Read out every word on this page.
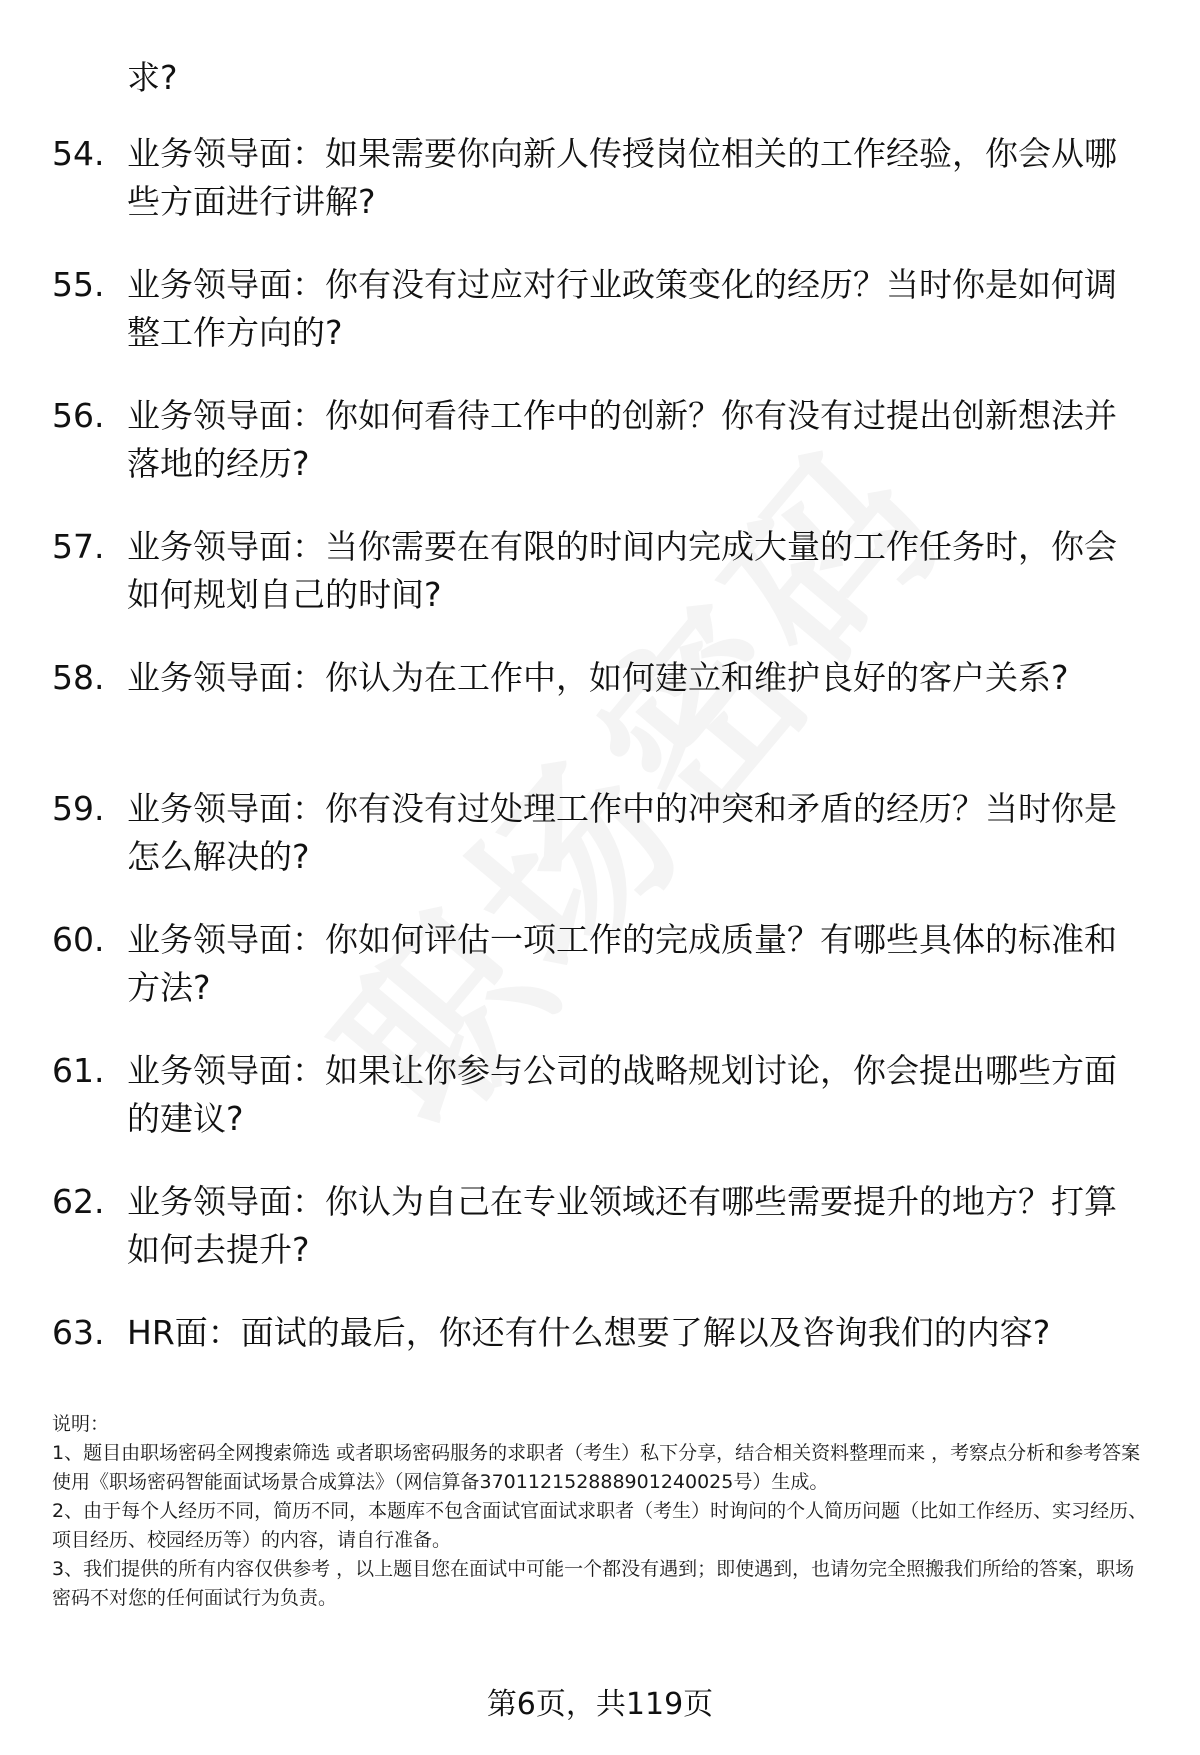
求?
54. 业务领导面：如果需要你向新人传授岗位相关的工作经验，你会从哪些方面进行讲解?
55. 业务领导面：你有没有过应对行业政策变化的经历？当时你是如何调整工作方向的?
56. 业务领导面：你如何看待工作中的创新？你有没有过提出创新想法并落地的经历?
57. 业务领导面：当你需要在有限的时间内完成大量的工作任务时，你会如何规划自己的时间?
58. 业务领导面：你认为在工作中，如何建立和维护良好的客户关系?
59. 业务领导面：你有没有过处理工作中的冲突和矛盾的经历？当时你是怎么解决的?
60. 业务领导面：你如何评估一项工作的完成质量？有哪些具体的标准和方法?
61. 业务领导面：如果让你参与公司的战略规划讨论，你会提出哪些方面的建议?
62. 业务领导面：你认为自己在专业领域还有哪些需要提升的地方？打算如何去提升?
63. HR面：面试的最后，你还有什么想要了解以及咨询我们的内容?

说明：

1、题目由职场密码全网搜索筛选 或者职场密码服务的求职者（考生）私下分享，结合相关资料整理而来 ，考察点分析和参考答案使用《职场密码智能面试场景合成算法》（网信算备370112152888901240025号）生成。

2、由于每个人经历不同，简历不同，本题库不包含面试官面试求职者（考生）时询问的个人简历问题（比如工作经历、实习经历、项目经历、校园经历等）的内容，请自行准备。

3、我们提供的所有内容仅供参考 ，以上题目您在面试中可能一个都没有遇到；即使遇到，也请勿完全照搬我们所给的答案，职场密码不对您的任何面试行为负责。

第6页，共119页
